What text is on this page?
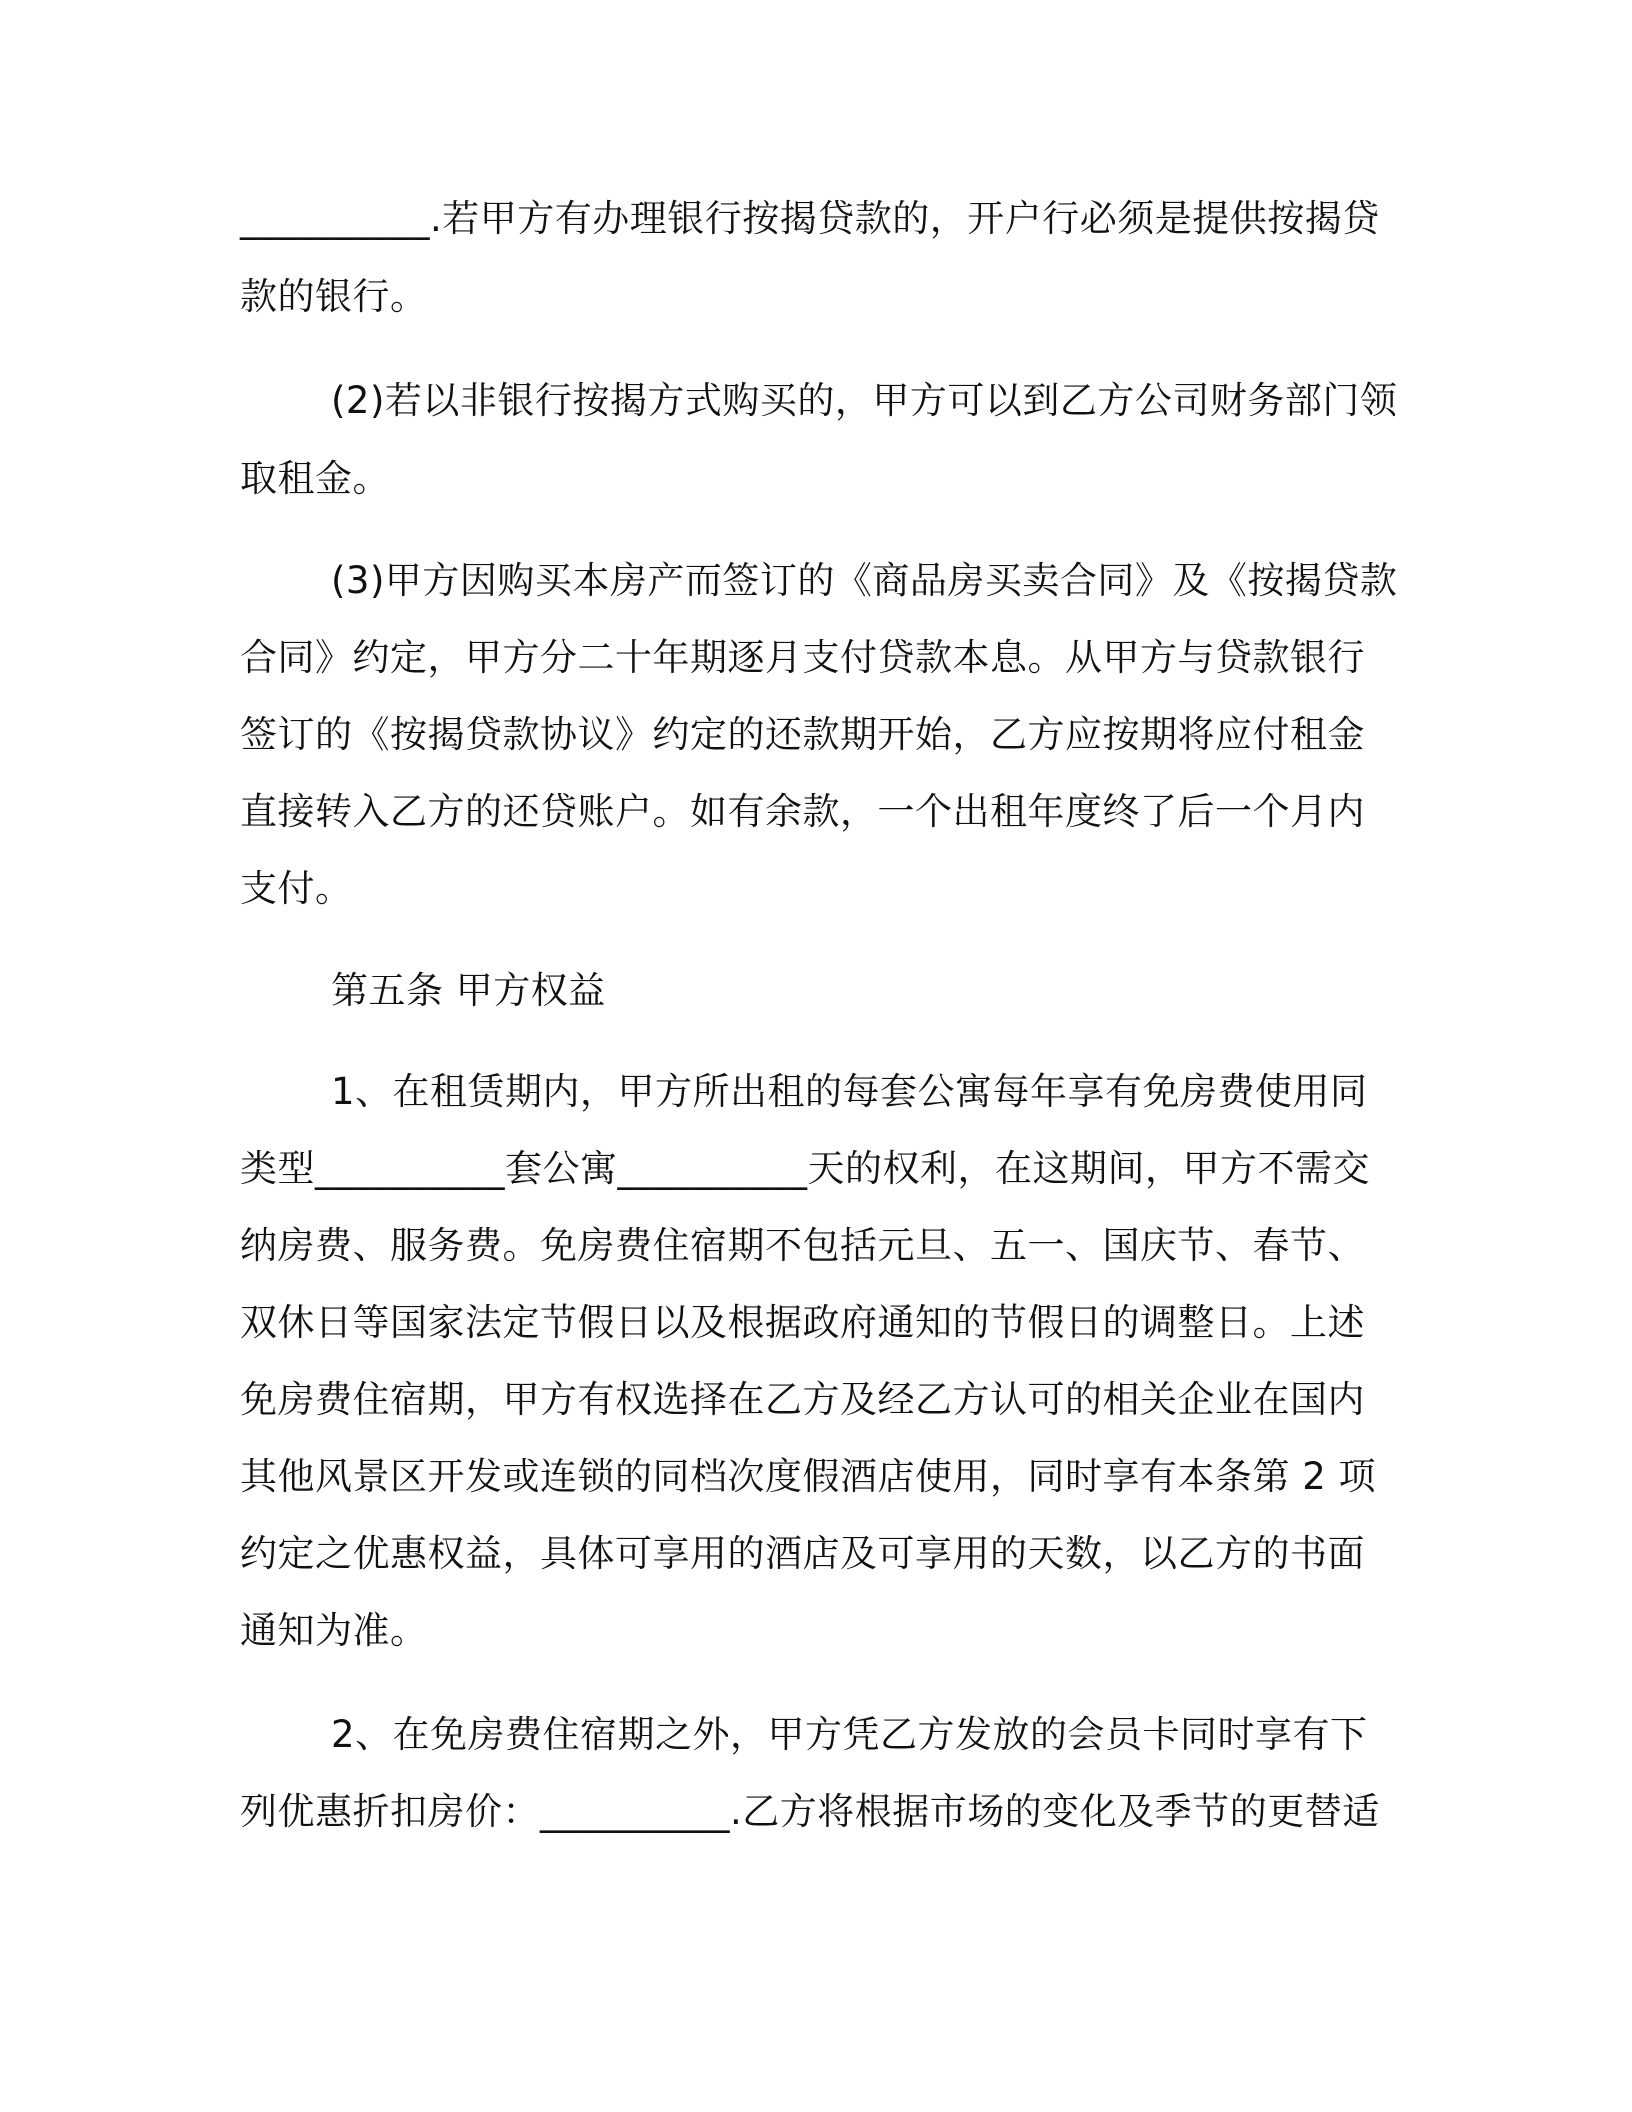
__________.若甲方有办理银行按揭贷款的，开户行必须是提供按揭贷
款的银行。
(2)若以非银行按揭方式购买的，甲方可以到乙方公司财务部门领
取租金。
(3)甲方因购买本房产而签订的《商品房买卖合同》及《按揭贷款
合同》约定，甲方分二十年期逐月支付贷款本息。从甲方与贷款银行
签订的《按揭贷款协议》约定的还款期开始，乙方应按期将应付租金
直接转入乙方的还贷账户。如有余款，一个出租年度终了后一个月内
支付。
第五条 甲方权益
1、在租赁期内，甲方所出租的每套公寓每年享有免房费使用同
类型__________套公寓__________天的权利，在这期间，甲方不需交
纳房费、服务费。免房费住宿期不包括元旦、五一、国庆节、春节、
双休日等国家法定节假日以及根据政府通知的节假日的调整日。上述
免房费住宿期，甲方有权选择在乙方及经乙方认可的相关企业在国内
其他风景区开发或连锁的同档次度假酒店使用，同时享有本条第 2 项
约定之优惠权益，具体可享用的酒店及可享用的天数，以乙方的书面
通知为准。
2、在免房费住宿期之外，甲方凭乙方发放的会员卡同时享有下
列优惠折扣房价：__________.乙方将根据市场的变化及季节的更替适
